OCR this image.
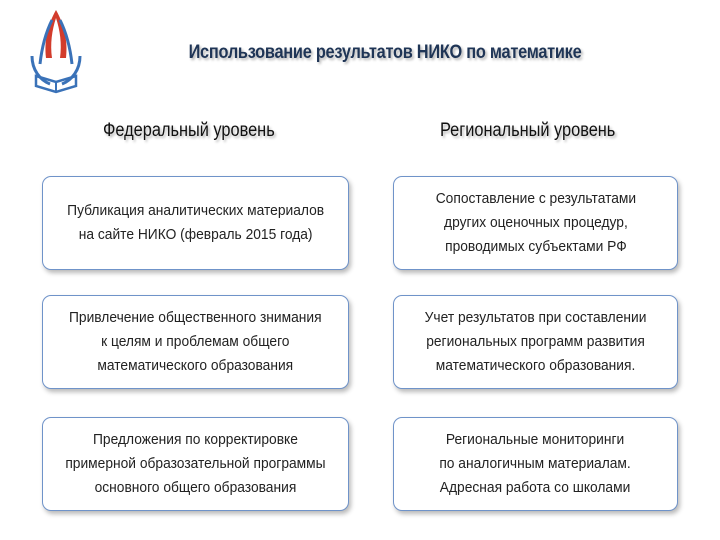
Использование результатов НИКО по математике
Федеральный уровень	Региональный уровень
Публикация аналитических материалов
на сайте НИКО (февраль 2015 года)
Сопоставление с результатами
других оценочных процедур,
проводимых субъектами РФ
Привлечение общественного знимания
к целям и проблемам общего
математического образования
Учет результатов при составлении
региональных программ развития
математического образования.
Предложения по корректировке
примерной образозательной программы
основного общего образования
Региональные мониторинги
по аналогичным материалам.
Адресная работа со школами
